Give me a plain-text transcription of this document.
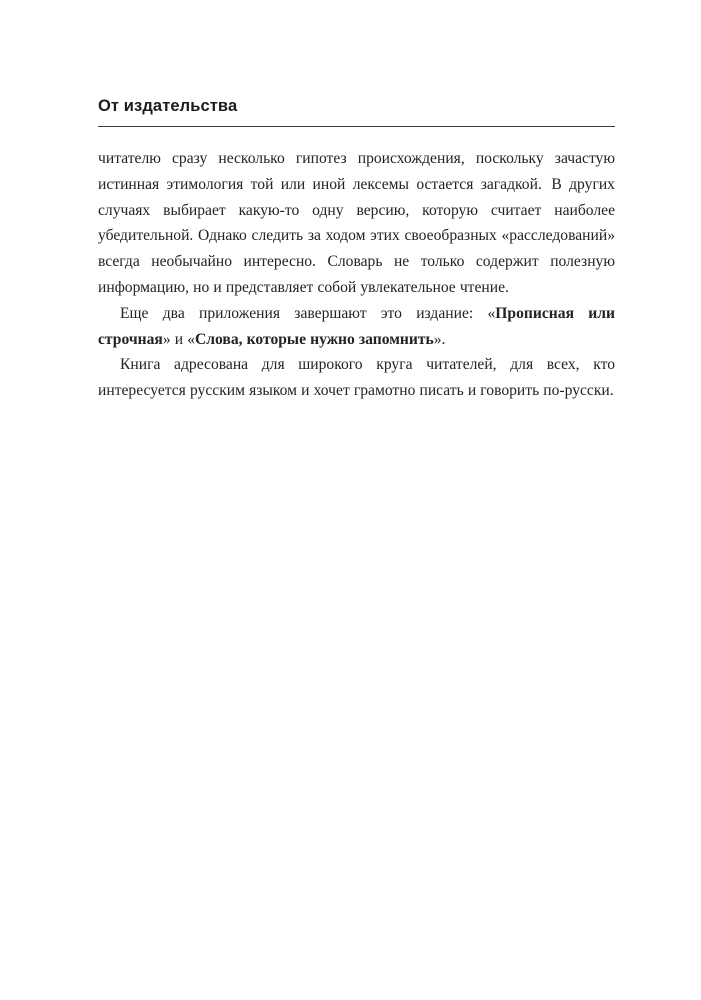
От издательства

читателю сразу несколько гипотез происхождения, поскольку зачастую истинная этимология той или иной лексемы остается загадкой. В других случаях выбирает какую-то одну версию, которую считает наиболее убедительной. Однако следить за ходом этих своеобразных «расследований» всегда необычайно интересно. Словарь не только содержит полезную информацию, но и представляет собой увлекательное чтение.

Еще два приложения завершают это издание: «Прописная или строчная» и «Слова, которые нужно запомнить».

Книга адресована для широкого круга читателей, для всех, кто интересуется русским языком и хочет грамотно писать и говорить по-русски.
